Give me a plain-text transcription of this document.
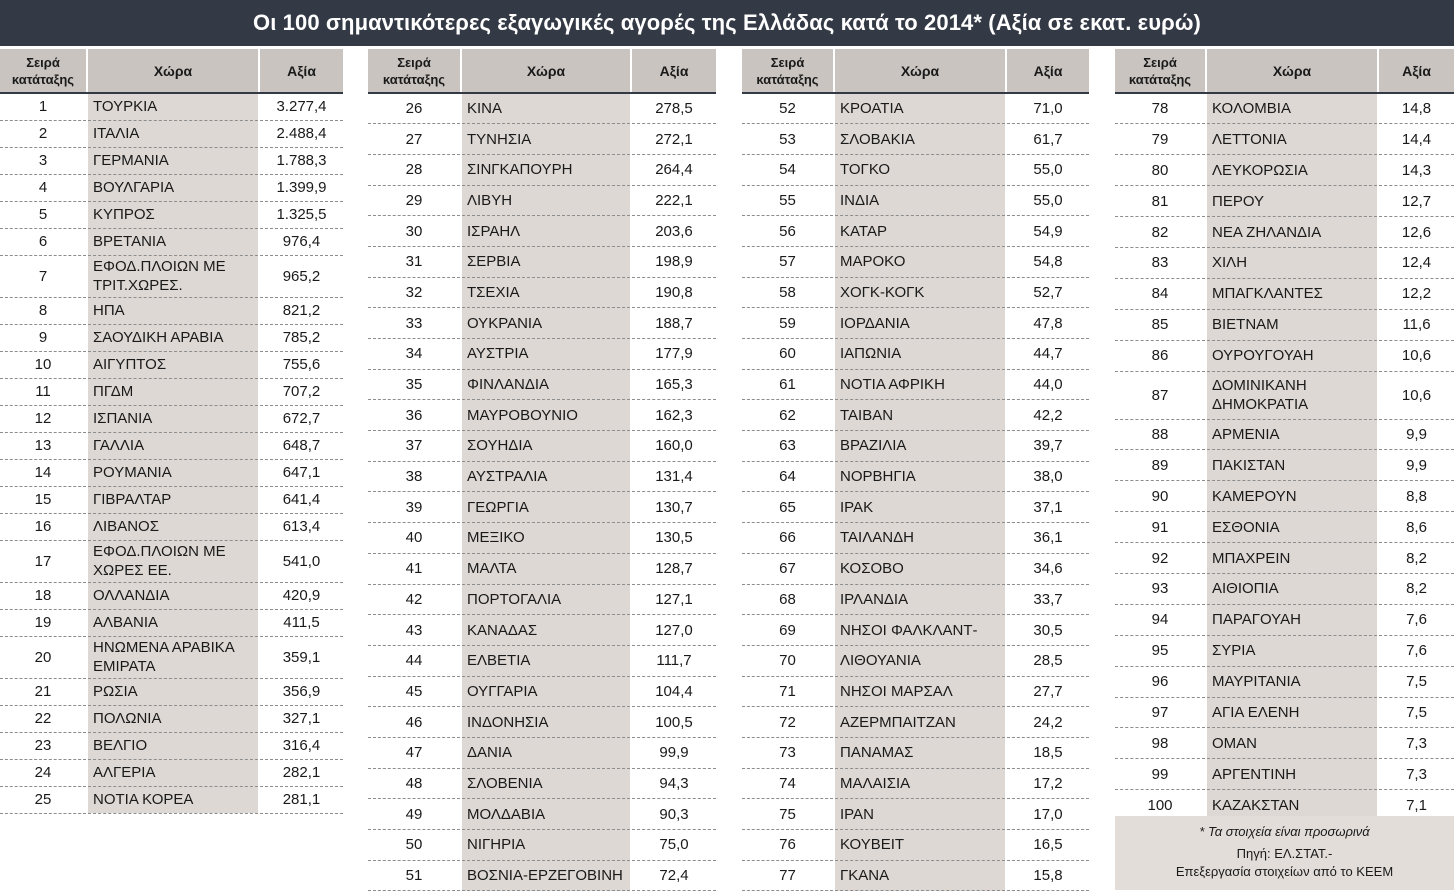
Οι 100 σημαντικότερες εξαγωγικές αγορές της Ελλάδας κατά το 2014* (Αξία σε εκατ. ευρώ)
Σειρά
κατάταξης	Χώρα	Αξία
1	ΤΟΥΡΚΙΑ	3.277,4
2	ΙΤΑΛΙΑ	2.488,4
3	ΓΕΡΜΑΝΙΑ	1.788,3
4	ΒΟΥΛΓΑΡΙΑ	1.399,9
5	ΚΥΠΡΟΣ	1.325,5
6	ΒΡΕΤΑΝΙΑ	976,4
7	ΕΦΟΔ.ΠΛΟΙΩΝ ΜΕ ΤΡΙΤ.ΧΩΡΕΣ.	965,2
8	ΗΠΑ	821,2
9	ΣΑΟΥΔΙΚΗ ΑΡΑΒΙΑ	785,2
10	ΑΙΓΥΠΤΟΣ	755,6
11	ΠΓΔΜ	707,2
12	ΙΣΠΑΝΙΑ	672,7
13	ΓΑΛΛΙΑ	648,7
14	ΡΟΥΜΑΝΙΑ	647,1
15	ΓΙΒΡΑΛΤΑΡ	641,4
16	ΛΙΒΑΝΟΣ	613,4
17	ΕΦΟΔ.ΠΛΟΙΩΝ ΜΕ ΧΩΡΕΣ ΕΕ.	541,0
18	ΟΛΛΑΝΔΙΑ	420,9
19	ΑΛΒΑΝΙΑ	411,5
20	ΗΝΩΜΕΝΑ ΑΡΑΒΙΚΑ ΕΜΙΡΑΤΑ	359,1
21	ΡΩΣΙΑ	356,9
22	ΠΟΛΩΝΙΑ	327,1
23	ΒΕΛΓΙΟ	316,4
24	ΑΛΓΕΡΙΑ	282,1
25	ΝΟΤΙΑ ΚΟΡΕΑ	281,1
Σειρά
κατάταξης	Χώρα	Αξία
26	ΚΙΝΑ	278,5
27	ΤΥΝΗΣΙΑ	272,1
28	ΣΙΝΓΚΑΠΟΥΡΗ	264,4
29	ΛΙΒΥΗ	222,1
30	ΙΣΡΑΗΛ	203,6
31	ΣΕΡΒΙΑ	198,9
32	ΤΣΕΧΙΑ	190,8
33	ΟΥΚΡΑΝΙΑ	188,7
34	ΑΥΣΤΡΙΑ	177,9
35	ΦΙΝΛΑΝΔΙΑ	165,3
36	ΜΑΥΡΟΒΟΥΝΙΟ	162,3
37	ΣΟΥΗΔΙΑ	160,0
38	ΑΥΣΤΡΑΛΙΑ	131,4
39	ΓΕΩΡΓΙΑ	130,7
40	ΜΕΞΙΚΟ	130,5
41	ΜΑΛΤΑ	128,7
42	ΠΟΡΤΟΓΑΛΙΑ	127,1
43	ΚΑΝΑΔΑΣ	127,0
44	ΕΛΒΕΤΙΑ	111,7
45	ΟΥΓΓΑΡΙΑ	104,4
46	ΙΝΔΟΝΗΣΙΑ	100,5
47	ΔΑΝΙΑ	99,9
48	ΣΛΟΒΕΝΙΑ	94,3
49	ΜΟΛΔΑΒΙΑ	90,3
50	ΝΙΓΗΡΙΑ	75,0
51	ΒΟΣΝΙΑ-ΕΡΖΕΓΟΒΙΝΗ	72,4
Σειρά
κατάταξης	Χώρα	Αξία
52	ΚΡΟΑΤΙΑ	71,0
53	ΣΛΟΒΑΚΙΑ	61,7
54	ΤΟΓΚΟ	55,0
55	ΙΝΔΙΑ	55,0
56	ΚΑΤΑΡ	54,9
57	ΜΑΡΟΚΟ	54,8
58	ΧΟΓΚ-ΚΟΓΚ	52,7
59	ΙΟΡΔΑΝΙΑ	47,8
60	ΙΑΠΩΝΙΑ	44,7
61	ΝΟΤΙΑ ΑΦΡΙΚΗ	44,0
62	ΤΑΙΒΑΝ	42,2
63	ΒΡΑΖΙΛΙΑ	39,7
64	ΝΟΡΒΗΓΙΑ	38,0
65	ΙΡΑΚ	37,1
66	ΤΑΙΛΑΝΔΗ	36,1
67	ΚΟΣΟΒΟ	34,6
68	ΙΡΛΑΝΔΙΑ	33,7
69	ΝΗΣΟΙ ΦΑΛΚΛΑΝΤ-	30,5
70	ΛΙΘΟΥΑΝΙΑ	28,5
71	ΝΗΣΟΙ ΜΑΡΣΑΛ	27,7
72	ΑΖΕΡΜΠΑΙΤΖΑΝ	24,2
73	ΠΑΝΑΜΑΣ	18,5
74	ΜΑΛΑΙΣΙΑ	17,2
75	ΙΡΑΝ	17,0
76	ΚΟΥΒΕΙΤ	16,5
77	ΓΚΑΝΑ	15,8
Σειρά
κατάταξης	Χώρα	Αξία
78	ΚΟΛΟΜΒΙΑ	14,8
79	ΛΕΤΤΟΝΙΑ	14,4
80	ΛΕΥΚΟΡΩΣΙΑ	14,3
81	ΠΕΡΟΥ	12,7
82	ΝΕΑ ΖΗΛΑΝΔΙΑ	12,6
83	ΧΙΛΗ	12,4
84	ΜΠΑΓΚΛΑΝΤΕΣ	12,2
85	ΒΙΕΤΝΑΜ	11,6
86	ΟΥΡΟΥΓΟΥΑΗ	10,6
87	ΔΟΜΙΝΙΚΑΝΗ ΔΗΜΟΚΡΑΤΙΑ	10,6
88	ΑΡΜΕΝΙΑ	9,9
89	ΠΑΚΙΣΤΑΝ	9,9
90	ΚΑΜΕΡΟΥΝ	8,8
91	ΕΣΘΟΝΙΑ	8,6
92	ΜΠΑΧΡΕΙΝ	8,2
93	ΑΙΘΙΟΠΙΑ	8,2
94	ΠΑΡΑΓΟΥΑΗ	7,6
95	ΣΥΡΙΑ	7,6
96	ΜΑΥΡΙΤΑΝΙΑ	7,5
97	ΑΓΙΑ ΕΛΕΝΗ	7,5
98	ΟΜΑΝ	7,3
99	ΑΡΓΕΝΤΙΝΗ	7,3
100	ΚΑΖΑΚΣΤΑΝ	7,1
* Τα στοιχεία είναι προσωρινά
Πηγή: ΕΛ.ΣΤΑΤ.-
Επεξεργασία στοιχείων από το ΚΕΕΜ
